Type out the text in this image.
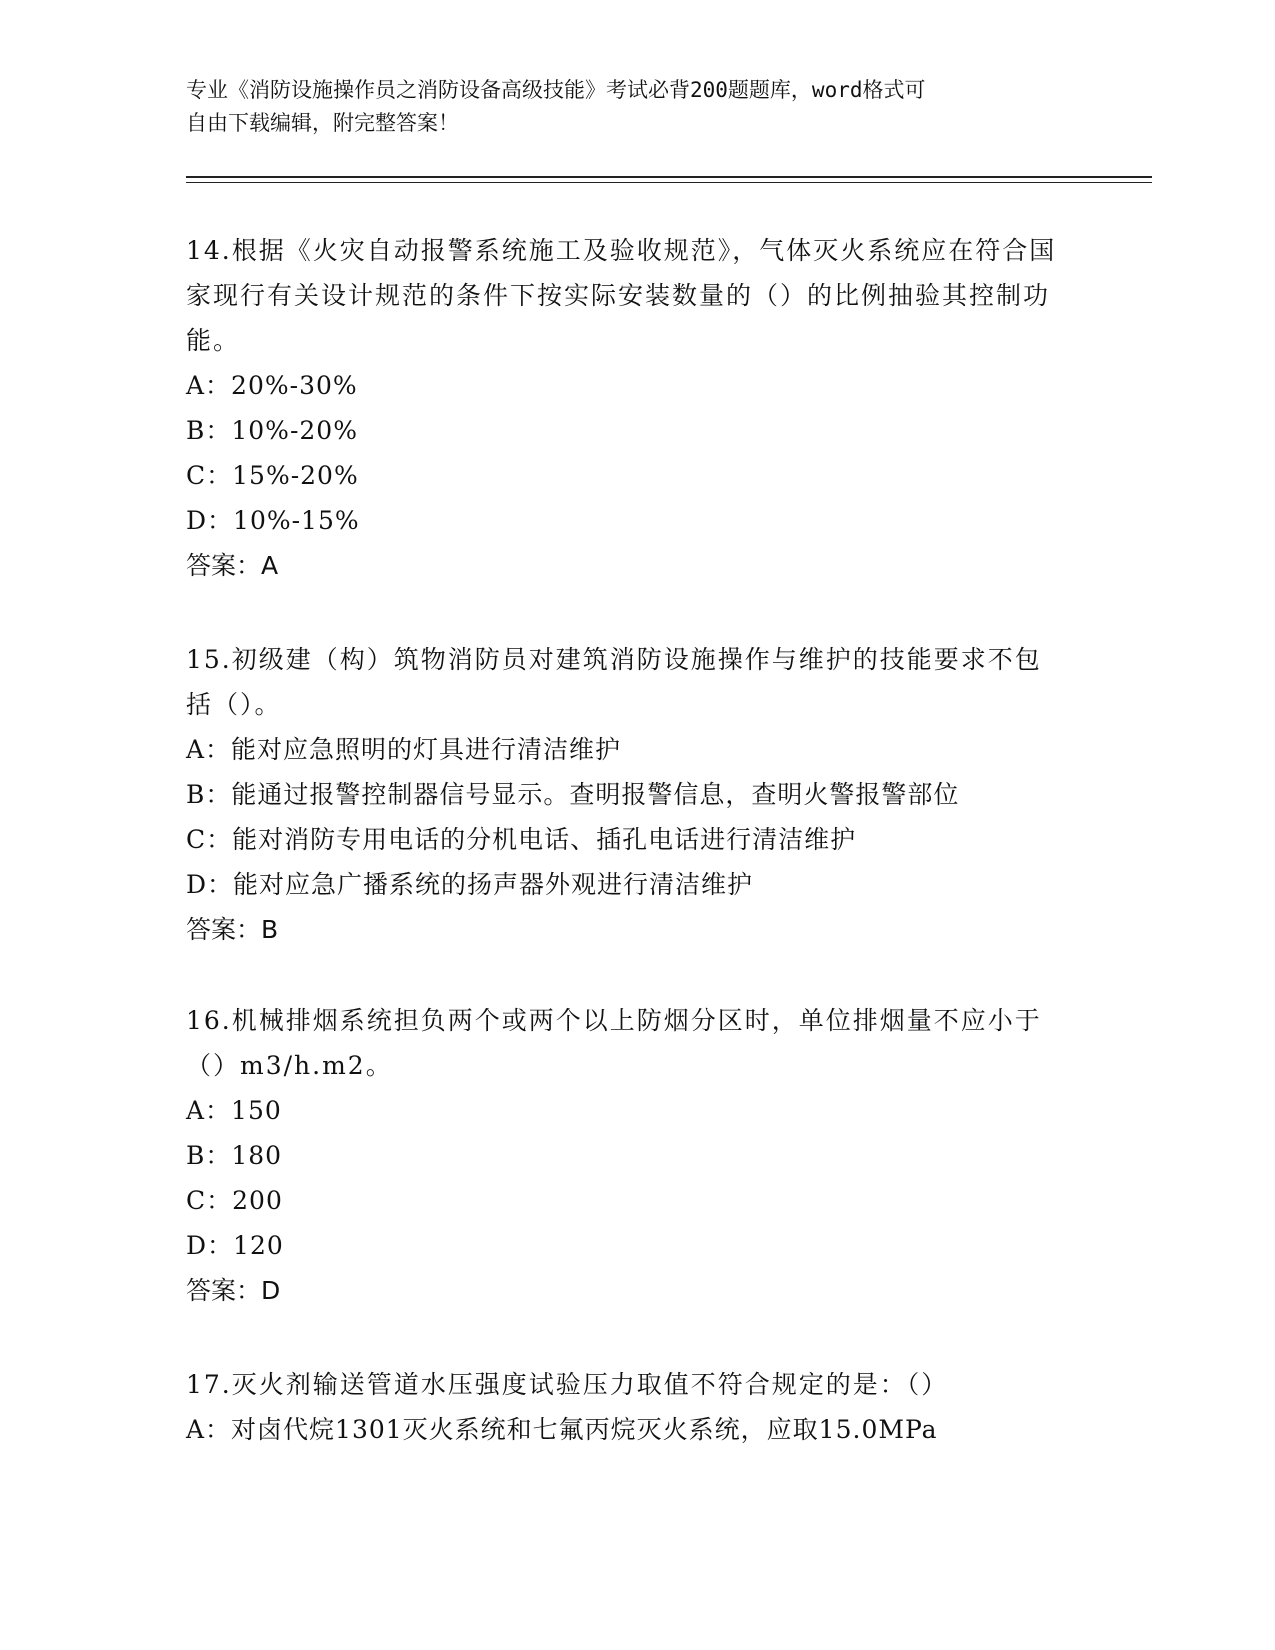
专业《消防设施操作员之消防设备高级技能》考试必背200题题库，word格式可
自由下载编辑，附完整答案！
14.根据《火灾自动报警系统施工及验收规范》，气体灭火系统应在符合国家现行有关设计规范的条件下按实际安装数量的（）的比例抽验其控制功能。
A：20%-30%
B：10%-20%
C：15%-20%
D：10%-15%
答案：A
15.初级建（构）筑物消防员对建筑消防设施操作与维护的技能要求不包括（）。
A：能对应急照明的灯具进行清洁维护
B：能通过报警控制器信号显示。查明报警信息，查明火警报警部位
C：能对消防专用电话的分机电话、插孔电话进行清洁维护
D：能对应急广播系统的扬声器外观进行清洁维护
答案：B
16.机械排烟系统担负两个或两个以上防烟分区时，单位排烟量不应小于（）m3/h.m2。
A：150
B：180
C：200
D：120
答案：D
17.灭火剂输送管道水压强度试验压力取值不符合规定的是：（）
A：对卤代烷1301灭火系统和七氟丙烷灭火系统，应取15.0MPa
